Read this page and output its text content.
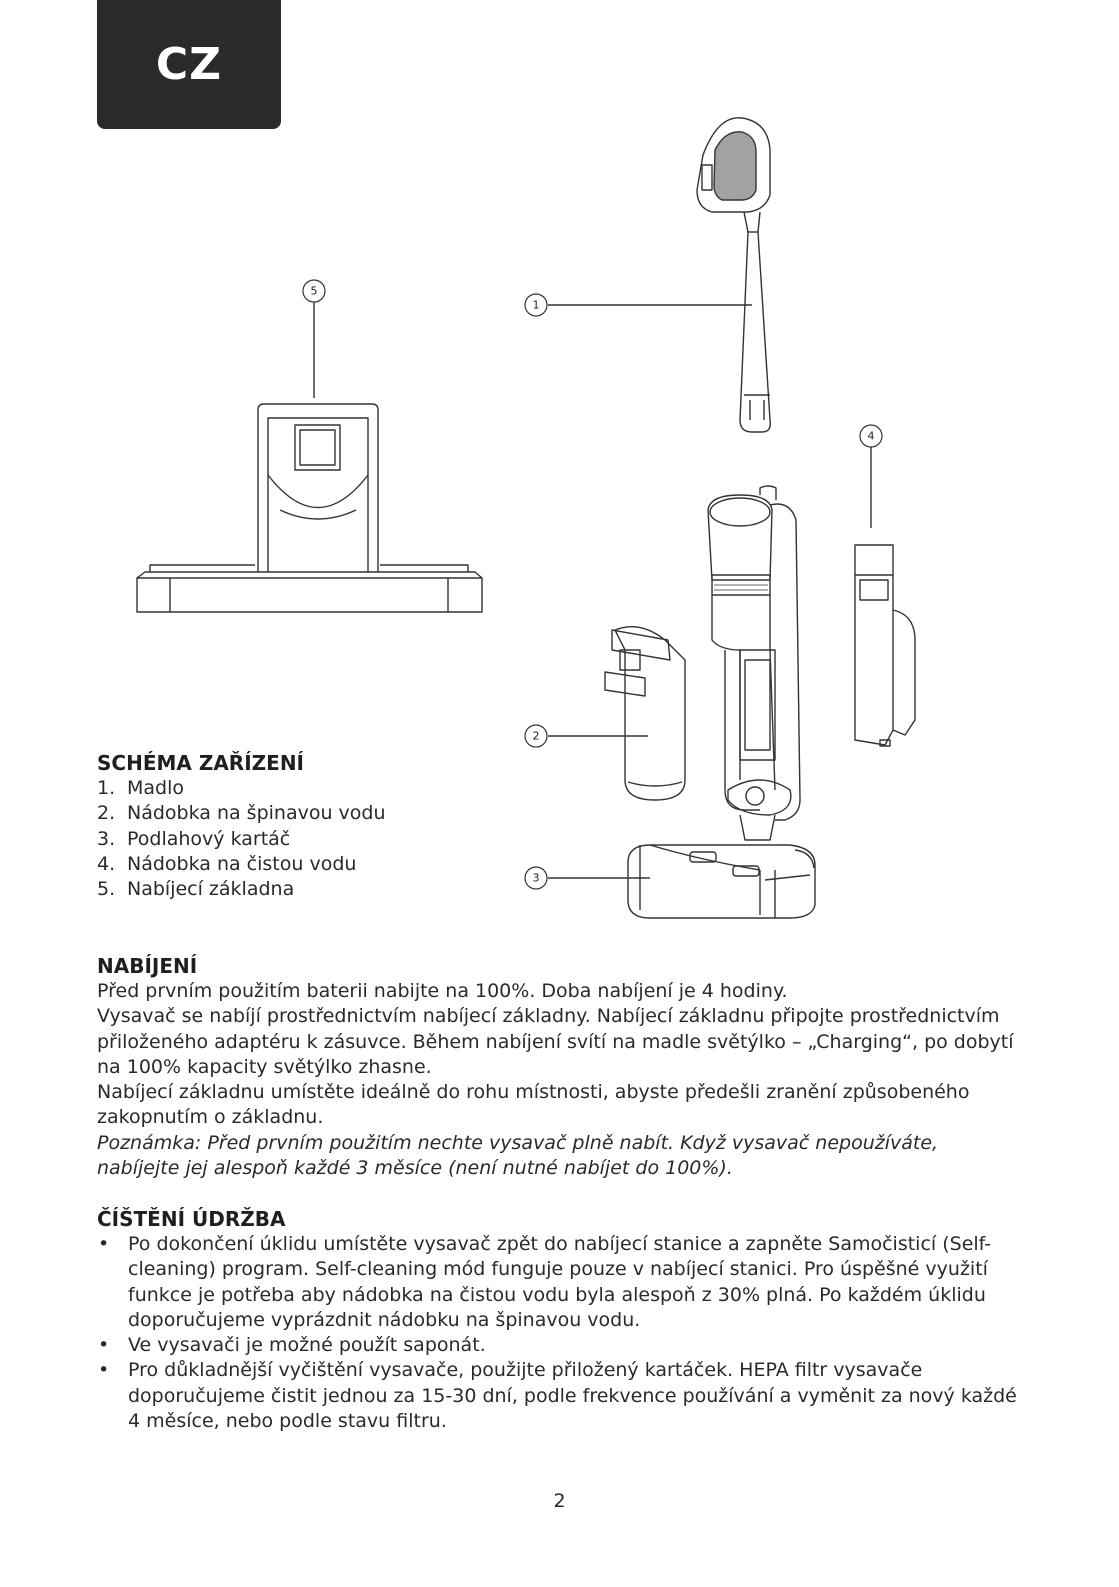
CZ
5
1
4
2
3
SCHÉMA ZAŘÍZENÍ
1. Madlo
2. Nádobka na špinavou vodu
3. Podlahový kartáč
4. Nádobka na čistou vodu
5. Nabíjecí základna
NABÍJENÍ

Před prvním použitím baterii nabijte na 100%. Doba nabíjení je 4 hodiny.

Vysavač se nabíjí prostřednictvím nabíjecí základny. Nabíjecí základnu připojte prostřednictvím přiloženého adaptéru k zásuvce. Během nabíjení svítí na madle světýlko – „Charging“, po dobytí na 100% kapacity světýlko zhasne.

Nabíjecí základnu umístěte ideálně do rohu místnosti, abyste předešli zranění způsobeného zakopnutím o základnu.

Poznámka: Před prvním použitím nechte vysavač plně nabít. Když vysavač nepoužíváte, nabíjejte jej alespoň každé 3 měsíce (není nutné nabíjet do 100%).

ČÍŠTĚNÍ ÚDRŽBA
• Po dokončení úklidu umístěte vysavač zpět do nabíjecí stanice a zapněte Samočisticí (Self-cleaning) program. Self-cleaning mód funguje pouze v nabíjecí stanici. Pro úspěšné využití funkce je potřeba aby nádobka na čistou vodu byla alespoň z 30% plná. Po každém úklidu doporučujeme vyprázdnit nádobku na špinavou vodu.
• Ve vysavači je možné použít saponát.
• Pro důkladnější vyčištění vysavače, použijte přiložený kartáček. HEPA filtr vysavače doporučujeme čistit jednou za 15-30 dní, podle frekvence používání a vyměnit za nový každé 4 měsíce, nebo podle stavu filtru.
2
